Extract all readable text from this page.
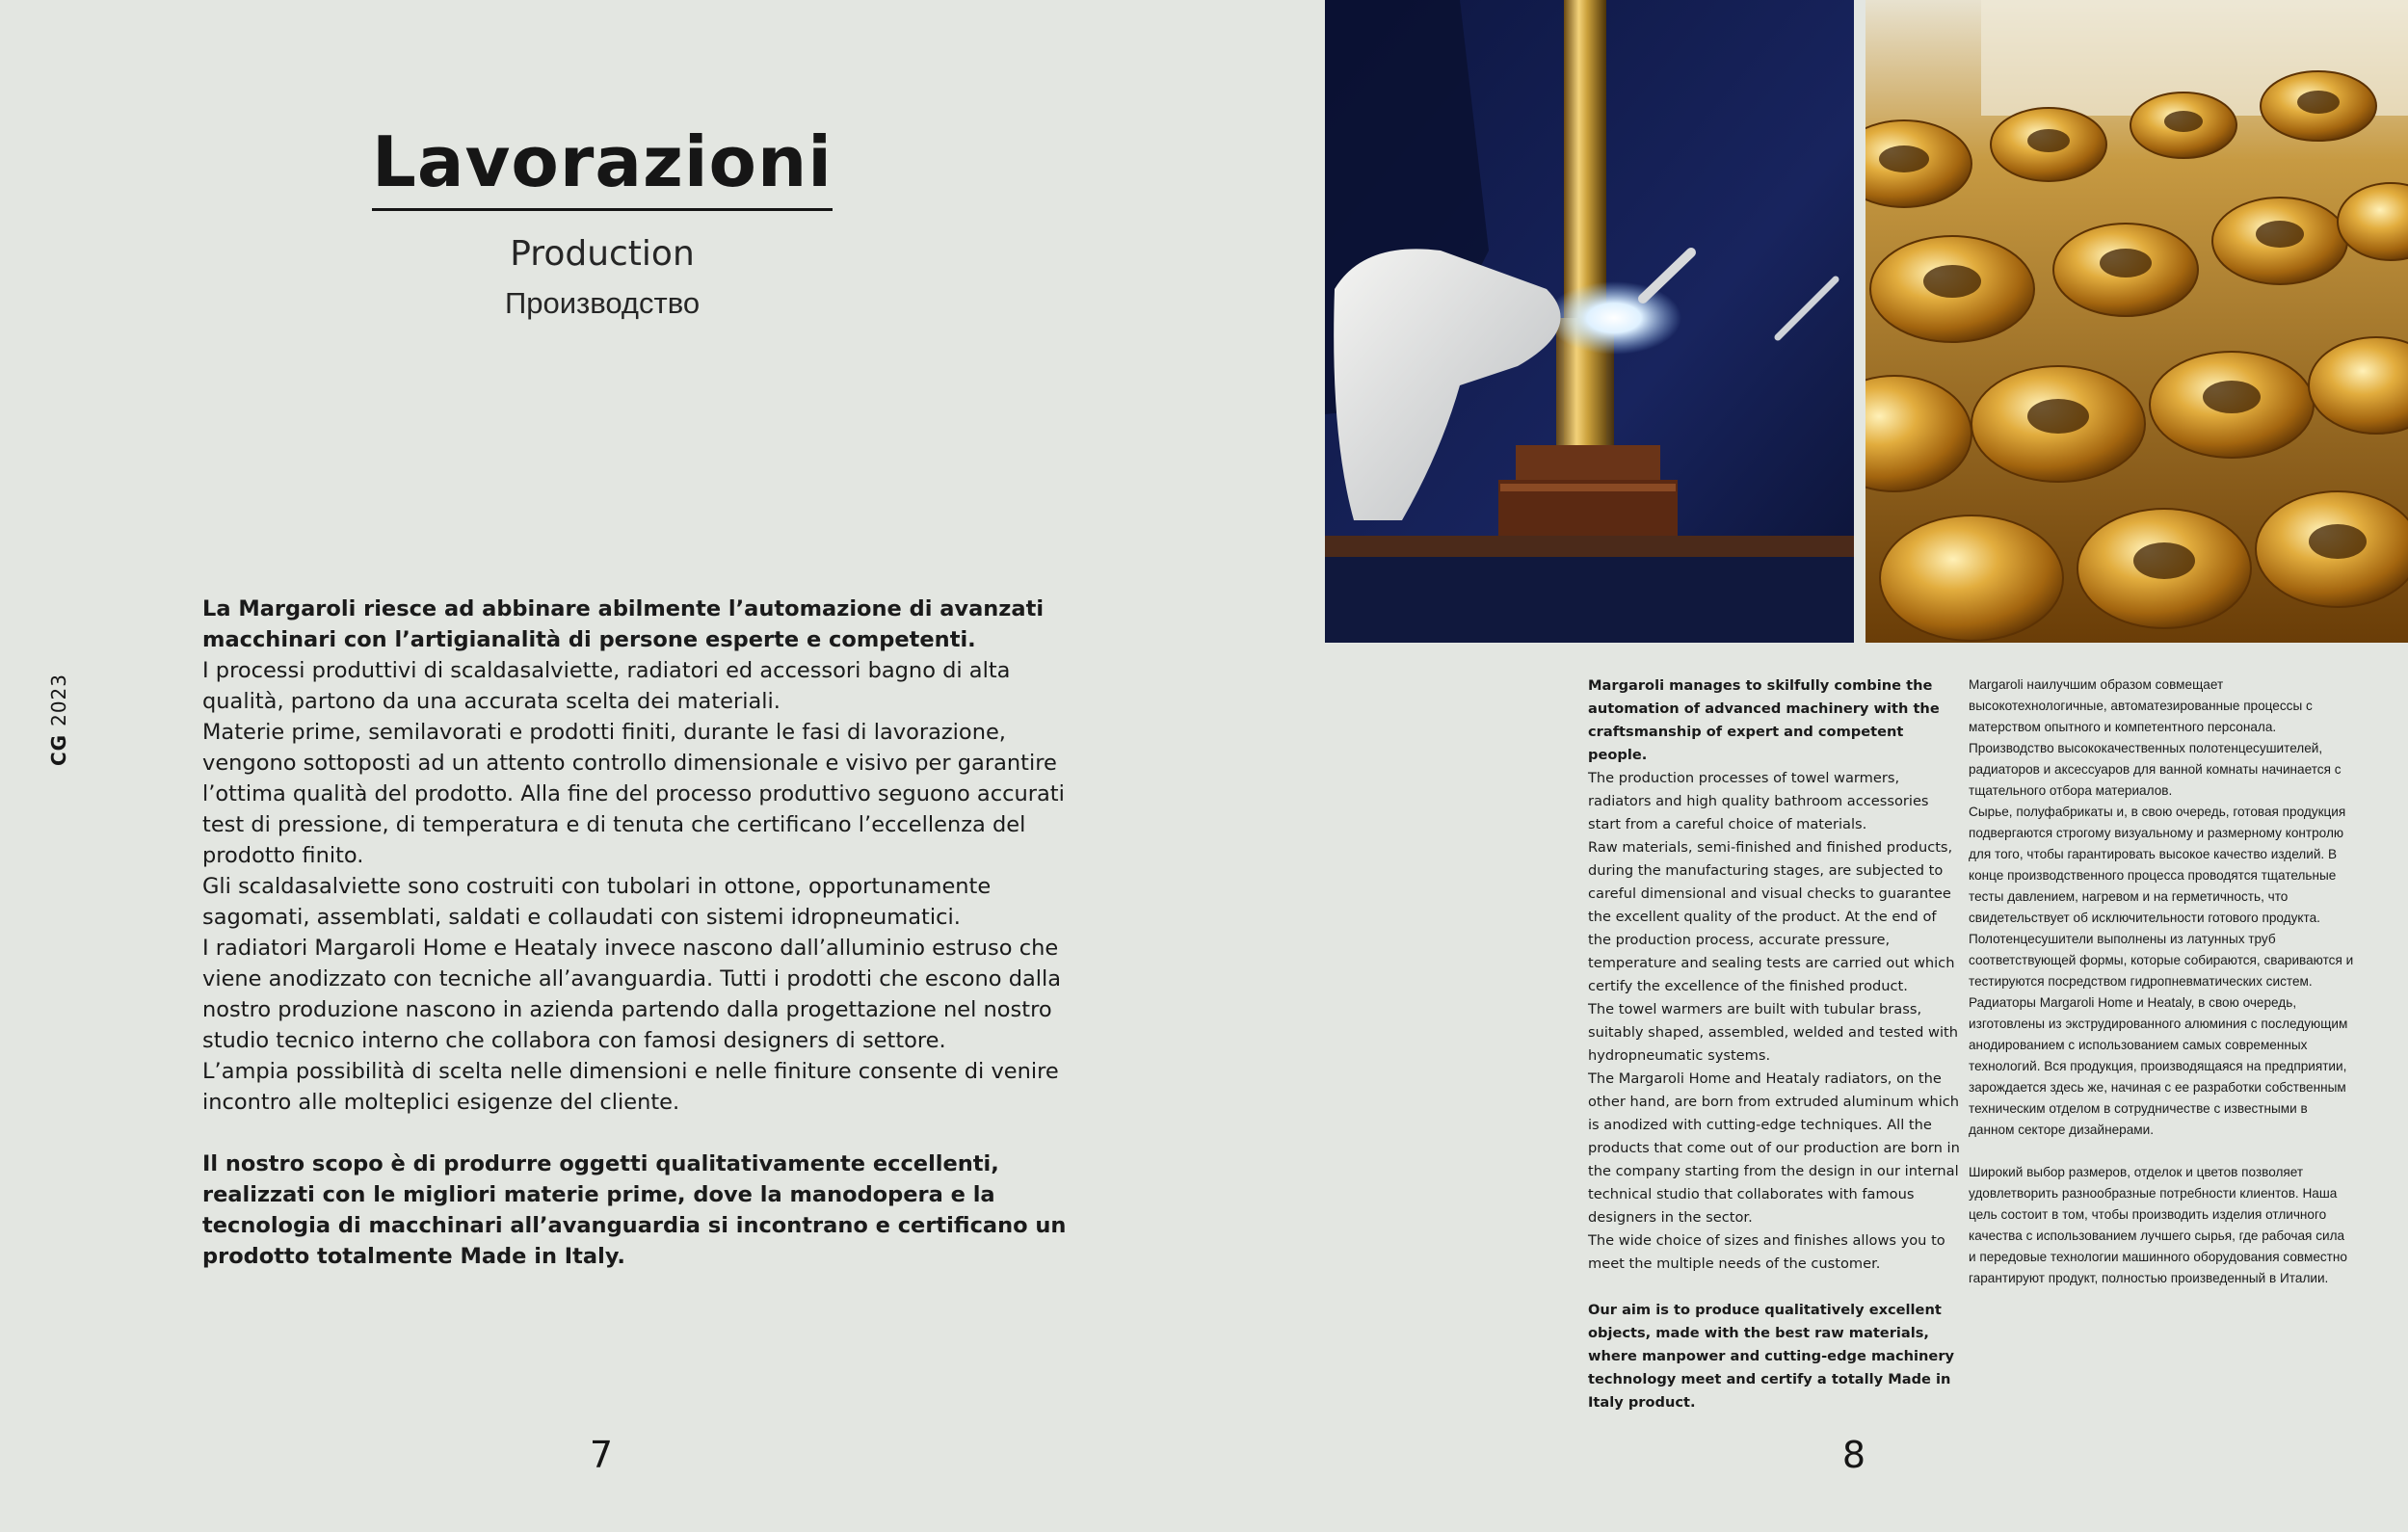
Lavorazioni
Production
Производство
CG2023

La Margaroli riesce ad abbinare abilmente l’automazione di avanzati macchinari con l’artigianalità di persone esperte e competenti.

I processi produttivi di scaldasalviette, radiatori ed accessori bagno di alta qualità, partono da una accurata scelta dei materiali.

Materie prime, semilavorati e prodotti finiti, durante le fasi di lavorazione, vengono sottoposti ad un attento controllo dimensionale e visivo per garantire l’ottima qualità del prodotto. Alla fine del processo produttivo seguono accurati test di pressione, di temperatura e di tenuta che certificano l’eccellenza del prodotto finito.

Gli scaldasalviette sono costruiti con tubolari in ottone, opportunamente sagomati, assemblati, saldati e collaudati con sistemi idropneumatici.

I radiatori Margaroli Home e Heataly invece nascono dall’alluminio estruso che viene anodizzato con tecniche all’avanguardia. Tutti i prodotti che escono dalla nostro produzione nascono in azienda partendo dalla progettazione nel nostro studio tecnico interno che collabora con famosi designers di settore.

L’ampia possibilità di scelta nelle dimensioni e nelle finiture consente di venire incontro alle molteplici esigenze del cliente.

Il nostro scopo è di produrre oggetti qualitativamente eccellenti, realizzati con le migliori materie prime, dove la manodopera e la tecnologia di macchinari all’avanguardia si incontrano e certificano un prodotto totalmente Made in Italy.

7

Margaroli manages to skilfully combine the automation of advanced machinery with the craftsmanship of expert and competent people.

The production processes of towel warmers, radiators and high quality bathroom accessories start from a careful choice of materials.

Raw materials, semi-finished and finished products, during the manufacturing stages, are subjected to careful dimensional and visual checks to guarantee the excellent quality of the product. At the end of the production process, accurate pressure, temperature and sealing tests are carried out which certify the excellence of the finished product.

The towel warmers are built with tubular brass, suitably shaped, assembled, welded and tested with hydropneumatic systems.

The Margaroli Home and Heataly radiators, on the other hand, are born from extruded aluminum which is anodized with cutting-edge techniques. All the products that come out of our production are born in the company starting from the design in our internal technical studio that collaborates with famous designers in the sector.

The wide choice of sizes and finishes allows you to meet the multiple needs of the customer.

Our aim is to produce qualitatively excellent objects, made with the best raw materials, where manpower and cutting-edge machinery technology meet and certify a totally Made in Italy product.

Margaroli наилучшим образом совмещает высокотехнологичные, автоматезированные процессы с матерством опытного и компетентного персонала.

Производство высококачественных полотенцесушителей, радиаторов и аксессуаров для ванной комнаты начинается с тщательного отбора материалов.

Сырье, полуфабрикаты и, в свою очередь, готовая продукция подвергаются строгому визуальному и размерному контролю для того, чтобы гарантировать высокое качество изделий. В конце производственного процесса проводятся тщательные тесты давлением, нагревом и на герметичность, что свидетельствует об исключительности готового продукта.

Полотенцесушители выполнены из латунных труб соответствующей формы, которые собираются, свариваются и тестируются посредством гидропневматических систем.

Радиаторы Margaroli Home и Heataly, в свою очередь, изготовлены из экструдированного алюминия с последующим анодированием с использованием самых современных технологий. Вся продукция, производящаяся на предприятии, зарождается здесь же, начиная с ее разработки собственным техническим отделом в сотрудничестве с известными в данном секторе дизайнерами.

Широкий выбор размеров, отделок и цветов позволяет удовлетворить разнообразные потребности клиентов. Наша цель состоит в том, чтобы производить изделия отличного качества с использованием лучшего сырья, где рабочая сила и передовые технологии машинного оборудования совместно гарантируют продукт, полностью произведенный в Италии.

8
